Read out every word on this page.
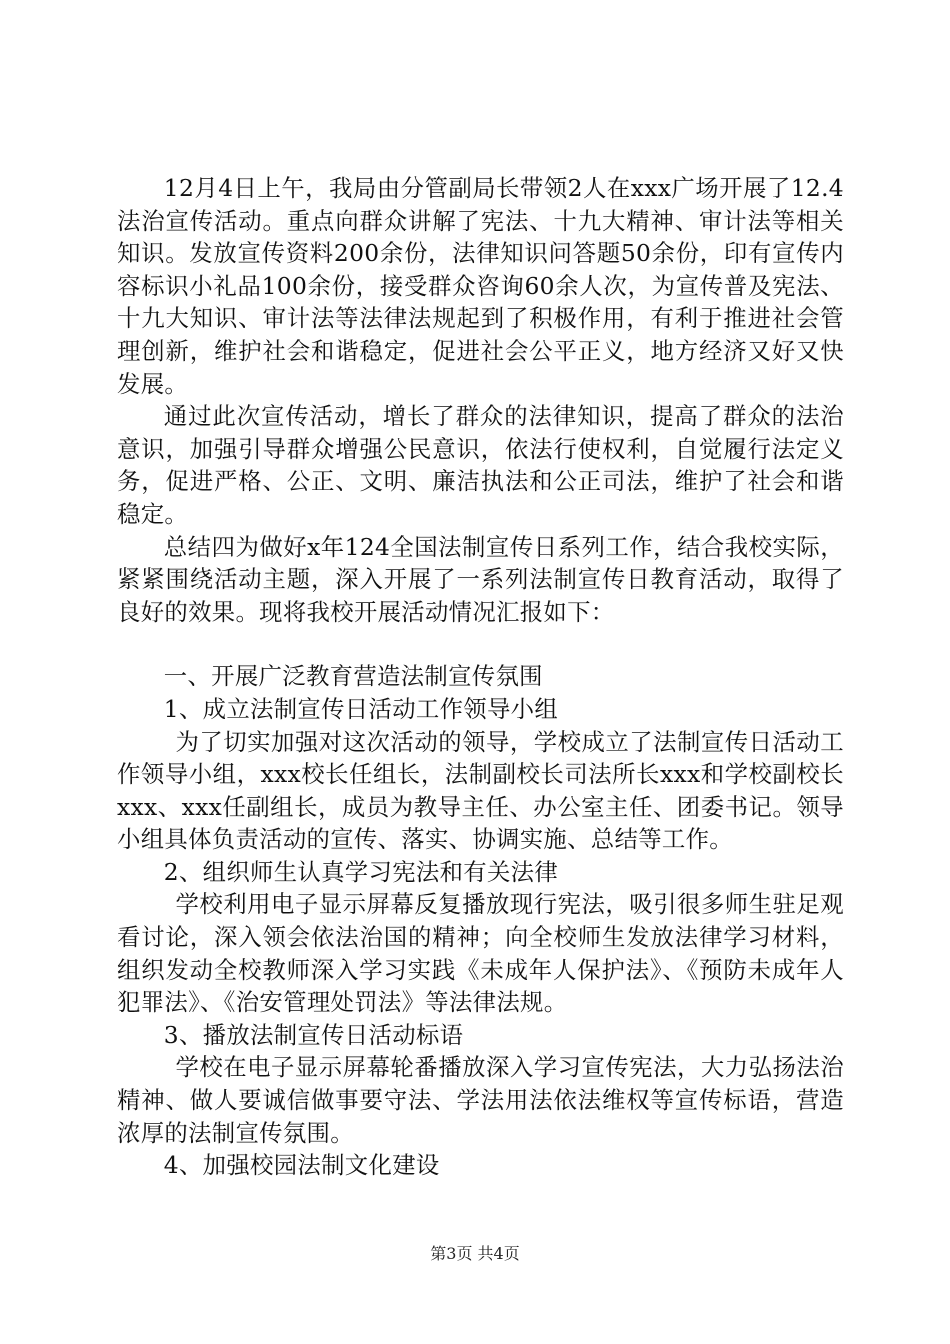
12月4日上午，我局由分管副局长带领2人在xxx广场开展了12.4法治宣传活动。重点向群众讲解了宪法、十九大精神、审计法等相关知识。发放宣传资料200余份，法律知识问答题50余份，印有宣传内容标识小礼品100余份，接受群众咨询60余人次，为宣传普及宪法、十九大知识、审计法等法律法规起到了积极作用，有利于推进社会管理创新，维护社会和谐稳定，促进社会公平正义，地方经济又好又快发展。

通过此次宣传活动，增长了群众的法律知识，提高了群众的法治意识，加强引导群众增强公民意识，依法行使权利，自觉履行法定义务，促进严格、公正、文明、廉洁执法和公正司法，维护了社会和谐稳定。

总结四为做好x年124全国法制宣传日系列工作，结合我校实际，紧紧围绕活动主题，深入开展了一系列法制宣传日教育活动，取得了良好的效果。现将我校开展活动情况汇报如下：

一、开展广泛教育营造法制宣传氛围

1、成立法制宣传日活动工作领导小组

为了切实加强对这次活动的领导，学校成立了法制宣传日活动工作领导小组，xxx校长任组长，法制副校长司法所长xxx和学校副校长xxx、xxx任副组长，成员为教导主任、办公室主任、团委书记。领导小组具体负责活动的宣传、落实、协调实施、总结等工作。

2、组织师生认真学习宪法和有关法律

学校利用电子显示屏幕反复播放现行宪法，吸引很多师生驻足观看讨论，深入领会依法治国的精神；向全校师生发放法律学习材料，组织发动全校教师深入学习实践《未成年人保护法》、《预防未成年人犯罪法》、《治安管理处罚法》等法律法规。

3、播放法制宣传日活动标语

学校在电子显示屏幕轮番播放深入学习宣传宪法，大力弘扬法治精神、做人要诚信做事要守法、学法用法依法维权等宣传标语，营造浓厚的法制宣传氛围。

4、加强校园法制文化建设

第3页 共4页
